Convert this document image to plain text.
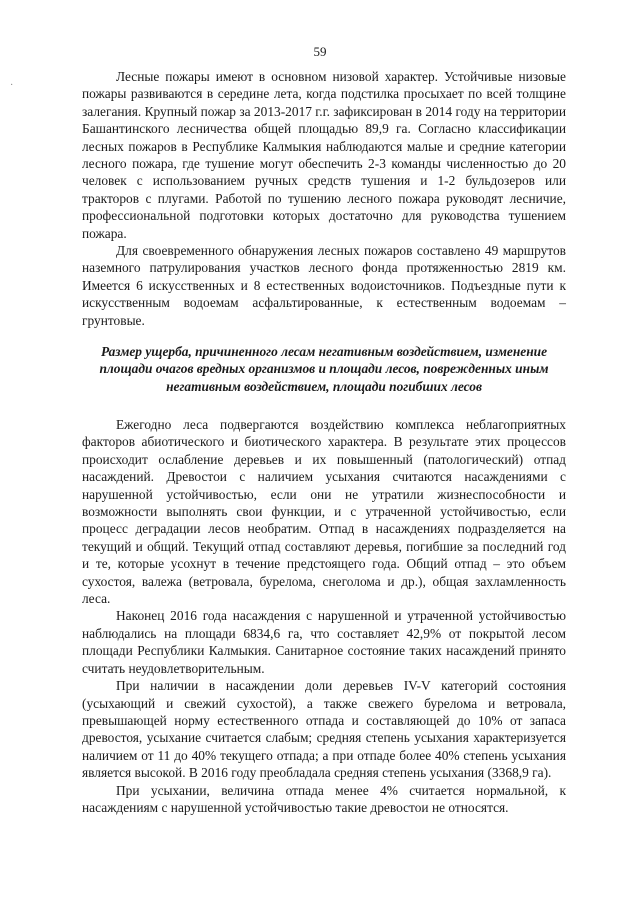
·
59

Лесные пожары имеют в основном низовой характер. Устойчивые низовые пожары развиваются в середине лета, когда подстилка просыхает по всей толщине залегания. Крупный пожар за 2013-2017 г.г. зафиксирован в 2014 году на территории Башантинского лесничества общей площадью 89,9 га. Согласно классификации лесных пожаров в Республике Калмыкия наблюдаются малые и средние категории лесного пожара, где тушение могут обеспечить 2-3 команды численностью до 20 человек с использованием ручных средств тушения и 1-2 бульдозеров или тракторов с плугами. Работой по тушению лесного пожара руководят лесничие, профессиональной подготовки которых достаточно для руководства тушением пожара.

Для своевременного обнаружения лесных пожаров составлено 49 маршрутов наземного патрулирования участков лесного фонда протяженностью 2819 км. Имеется 6 искусственных и 8 естественных водоисточников. Подъездные пути к искусственным водоемам асфальтированные, к естественным водоемам – грунтовые.

Размер ущерба, причиненного лесам негативным воздействием, изменение площади очагов вредных организмов и площади лесов, поврежденных иным негативным воздействием, площади погибших лесов

Ежегодно леса подвергаются воздействию комплекса неблагоприятных факторов абиотического и биотического характера. В результате этих процессов происходит ослабление деревьев и их повышенный (патологический) отпад насаждений. Древостои с наличием усыхания считаются насаждениями с нарушенной устойчивостью, если они не утратили жизнеспособности и возможности выполнять свои функции, и с утраченной устойчивостью, если процесс деградации лесов необратим. Отпад в насаждениях подразделяется на текущий и общий. Текущий отпад составляют деревья, погибшие за последний год и те, которые усохнут в течение предстоящего года. Общий отпад – это объем сухостоя, валежа (ветровала, бурелома, снеголома и др.), общая захламленность леса.

Наконец 2016 года насаждения с нарушенной и утраченной устойчивостью наблюдались на площади 6834,6 га, что составляет 42,9% от покрытой лесом площади Республики Калмыкия. Санитарное состояние таких насаждений принято считать неудовлетворительным.

При наличии в насаждении доли деревьев IV-V категорий состояния (усыхающий и свежий сухостой), а также свежего бурелома и ветровала, превышающей норму естественного отпада и составляющей до 10% от запаса древостоя, усыхание считается слабым; средняя степень усыхания характеризуется наличием от 11 до 40% текущего отпада; а при отпаде более 40% степень усыхания является высокой. В 2016 году преобладала средняя степень усыхания (3368,9 га).

При усыхании, величина отпада менее 4% считается нормальной, к насаждениям с нарушенной устойчивостью такие древостои не относятся.
